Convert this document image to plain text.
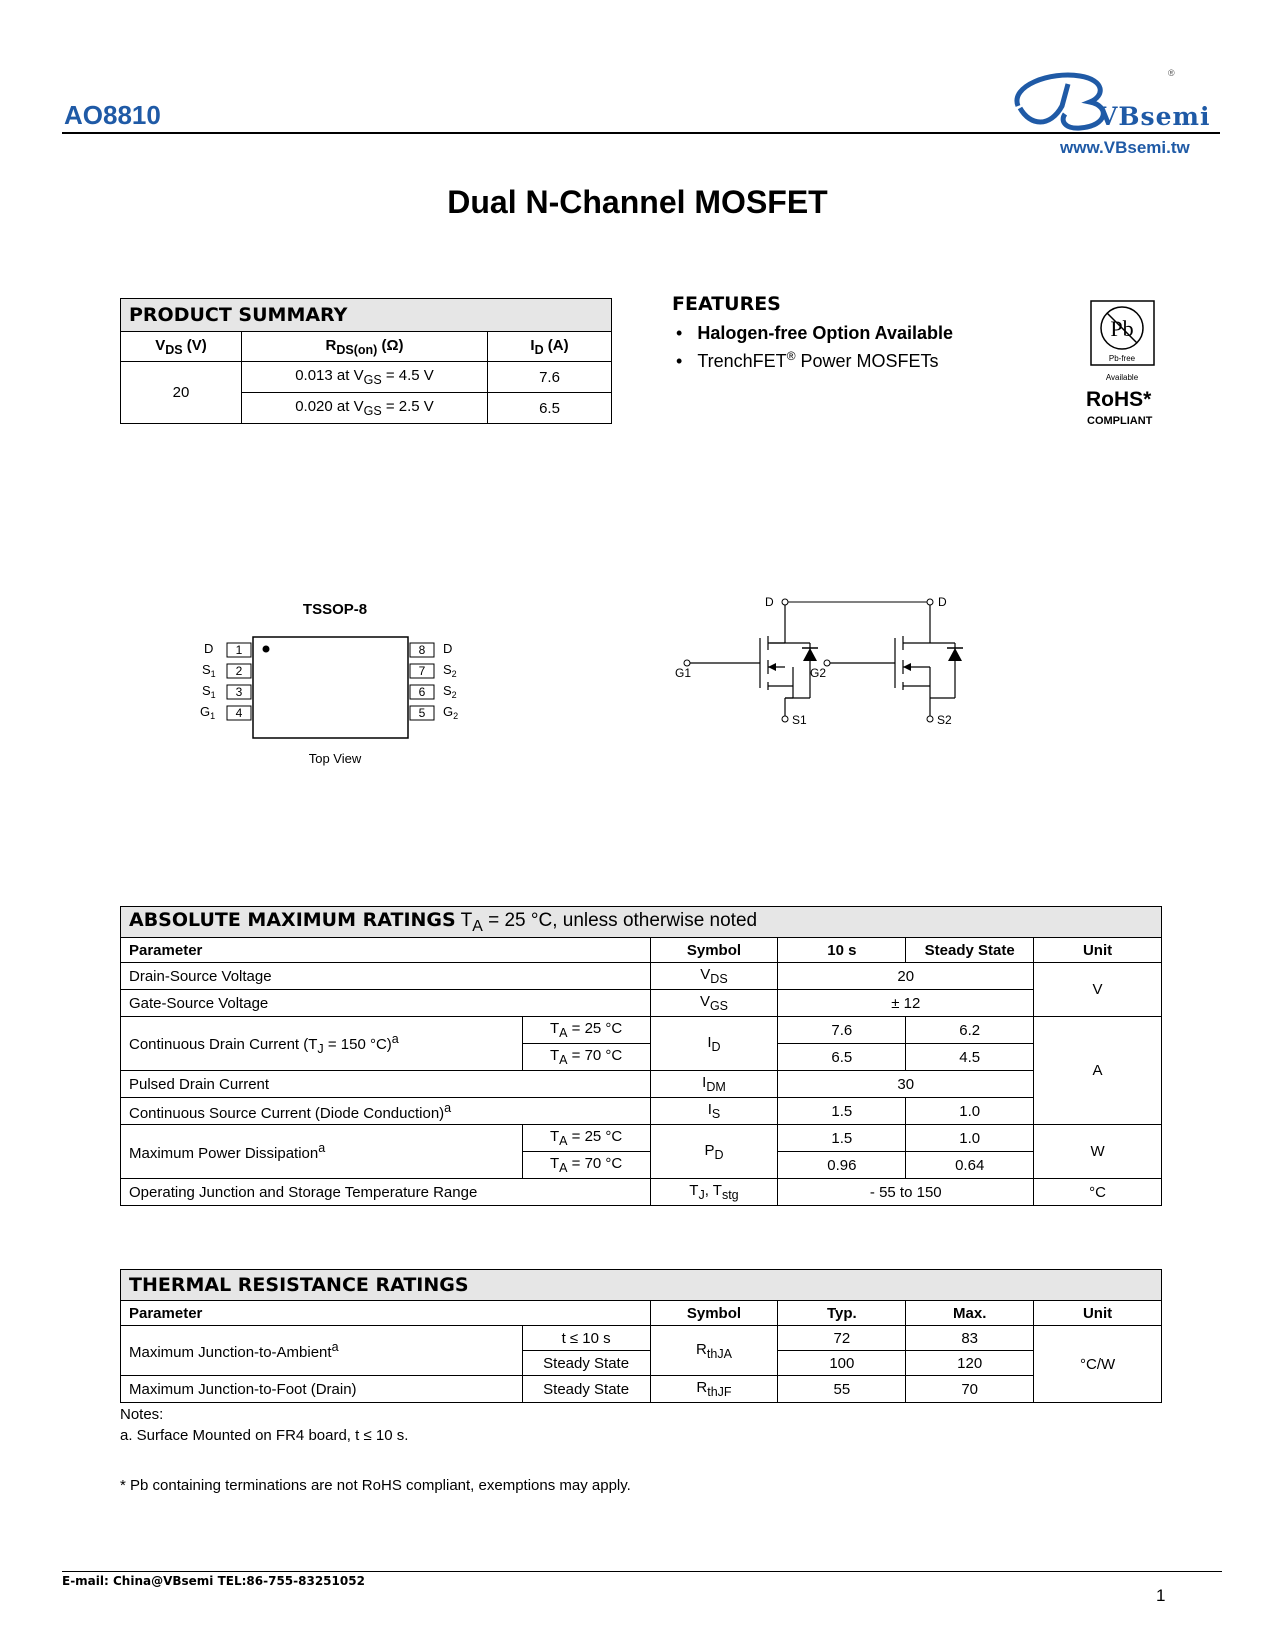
AO8810
®
VBsemi
www.VBsemi.tw
Dual N-Channel MOSFET
PRODUCT SUMMARY		
$V_{DS}$ (V)	$R_{DS(on)}$ (Ω)	$I_D$ (A)
20	0.013 at $V_{GS} = 4.5$ V	7.6
	0.020 at $V_{GS} = 2.5$ V	6.5
FEATURES
• Halogen-free Option Available
• TrenchFET® Power MOSFETs
Pb
Pb-free
Available
RoHS*
COMPLIANT
TSSOP-8
1
D
2
$S_1$
3
$S_1$
4
$G_1$
8 D
7 $S_2$
6 $S_2$
5 $G_2$
Top View
D	D
G1
S1
G2
S2
ABSOLUTE MAXIMUM RATINGS $T_A = 25$ °C, unless otherwise noted					
Parameter		Symbol	10 s	Steady State	Unit
Drain-Source Voltage		$V_{DS}$	20		V
Gate-Source Voltage		$V_{GS}$	± 12		
Continuous Drain Current ($T_J = 150$ °C)$^a$	$T_A = 25$ °C	$I_D$	7.6	6.2	A
	$T_A = 70$ °C		6.5	4.5	
Pulsed Drain Current		$I_{DM}$	30		
Continuous Source Current (Diode Conduction)$^a$		$I_S$	1.5	1.0	
Maximum Power Dissipation$^a$	$T_A = 25$ °C	$P_D$	1.5	1.0	W
	$T_A = 70$ °C		0.96	0.64	
Operating Junction and Storage Temperature Range		$T_J$, $T_{stg}$	- 55 to 150		°C
THERMAL RESISTANCE RATINGS					
Parameter		Symbol	Typ.	Max.	Unit
Maximum Junction-to-Ambient$^a$	t ≤ 10 s	$R_{thJA}$	72	83	°C/W
	Steady State		100	120	
Maximum Junction-to-Foot (Drain)	Steady State	$R_{thJF}$	55	70	
Notes:
a. Surface Mounted on FR4 board, t ≤ 10 s.
* Pb containing terminations are not RoHS compliant, exemptions may apply.
E-mail: China@VBsemi TEL:86-755-83251052
1
